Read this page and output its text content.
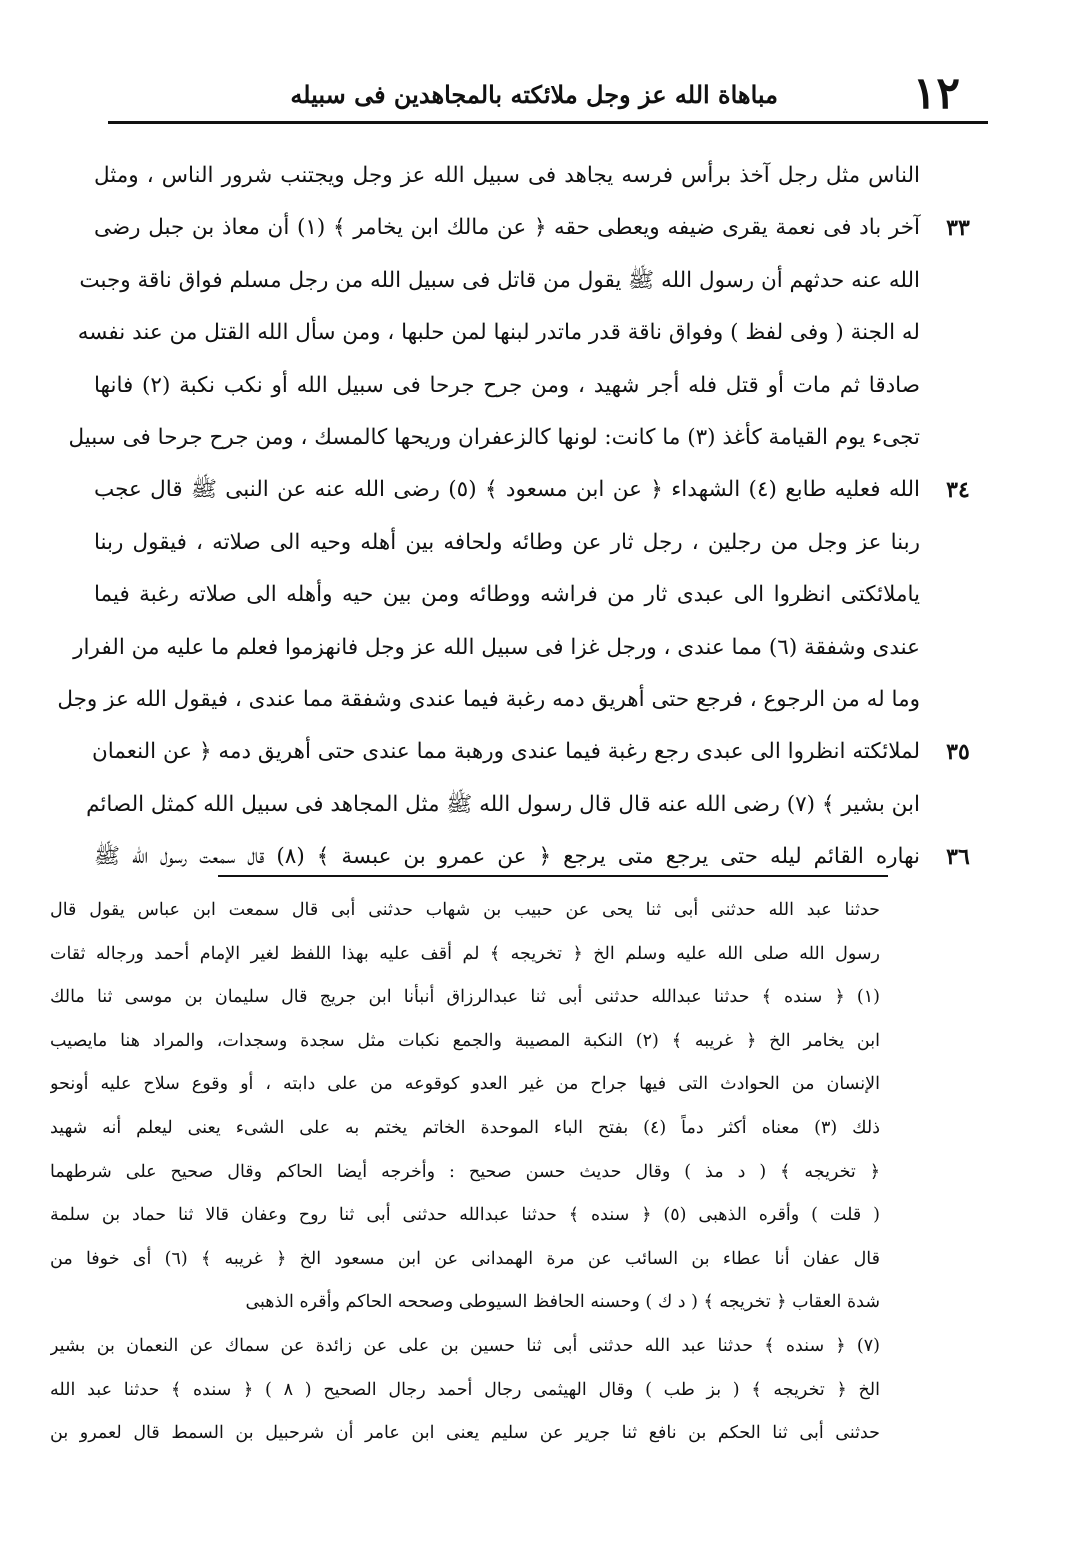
١٢
مباهاة الله عز وجل ملائكته بالمجاهدين فى سبيله
الناس مثل رجل آخذ برأس فرسه يجاهد فى سبيل الله عز وجل ويجتنب شرور الناس ، ومثل
٣٣
آخر باد فى نعمة يقرى ضيفه ويعطى حقه ﴿ عن مالك ابن يخامر ﴾ (١) أن معاذ بن جبل رضى
الله عنه حدثهم أن رسول الله ﷺ يقول من قاتل فى سبيل الله من رجل مسلم فواق ناقة وجبت
له الجنة ( وفى لفظ ) وفواق ناقة قدر ماتدر لبنها لمن حلبها ، ومن سأل الله القتل من عند نفسه
صادقا ثم مات أو قتل فله أجر شهيد ، ومن جرح جرحا فى سبيل الله أو نكب نكبة (٢) فانها
تجىء يوم القيامة كأغذ (٣) ما كانت: لونها كالزعفران وريحها كالمسك ، ومن جرح جرحا فى سبيل
٣٤
الله فعليه طابع (٤) الشهداء ﴿ عن ابن مسعود ﴾ (٥) رضى الله عنه عن النبى ﷺ قال عجب
ربنا عز وجل من رجلين ، رجل ثار عن وطائه ولحافه بين أهله وحيه الى صلاته ، فيقول ربنا
ياملائكتى انظروا الى عبدى ثار من فراشه ووطائه ومن بين حيه وأهله الى صلاته رغبة فيما
عندى وشفقة (٦) مما عندى ، ورجل غزا فى سبيل الله عز وجل فانهزموا فعلم ما عليه من الفرار
وما له من الرجوع ، فرجع حتى أهريق دمه رغبة فيما عندى وشفقة مما عندى ، فيقول الله عز وجل
٣٥
لملائكته انظروا الى عبدى رجع رغبة فيما عندى ورهبة مما عندى حتى أهريق دمه ﴿ عن النعمان
ابن بشير ﴾ (٧) رضى الله عنه قال قال رسول الله ﷺ مثل المجاهد فى سبيل الله كمثل الصائم
٣٦
نهاره القائم ليله حتى يرجع متى يرجع ﴿ عن عمرو بن عبسة ﴾ (٨) قال سمعت رسول الله ﷺ
حدثنا عبد الله حدثنى أبى ثنا يحى عن حبيب بن شهاب حدثنى أبى قال سمعت ابن عباس يقول قال
رسول الله صلى الله عليه وسلم الخ ﴿ تخريجه ﴾ لم أقف عليه بهذا اللفظ لغير الإمام أحمد ورجاله ثقات
(١) ﴿ سنده ﴾ حدثنا عبدالله حدثنى أبى ثنا عبدالرزاق أنبأنا ابن جريج قال سليمان بن موسى ثنا مالك
ابن يخامر الخ ﴿ غريبه ﴾ (٢) النكبة المصيبة والجمع نكبات مثل سجدة وسجدات، والمراد هنا مايصيب
الإنسان من الحوادث التى فيها جراح من غير العدو كوقوعه من على دابته ، أو وقوع سلاح عليه أونحو
ذلك (٣) معناه أكثر دماً (٤) بفتح الباء الموحدة الخاتم يختم به على الشىء يعنى ليعلم أنه شهيد
﴿ تخريجه ﴾ ( د مذ ) وقال حديث حسن صحيح : وأخرجه أيضا الحاكم وقال صحيح على شرطهما
( قلت ) وأقره الذهبى (٥) ﴿ سنده ﴾ حدثنا عبدالله حدثنى أبى ثنا روح وعفان قالا ثنا حماد بن سلمة
قال عفان أنا عطاء بن السائب عن مرة الهمدانى عن ابن مسعود الخ ﴿ غريبه ﴾ (٦) أى خوفا من
شدة العقاب ﴿ تخريجه ﴾ ( د ك ) وحسنه الحافظ السيوطى وصححه الحاكم وأقره الذهبى
(٧) ﴿ سنده ﴾ حدثنا عبد الله حدثنى أبى ثنا حسين بن على عن زائدة عن سماك عن النعمان بن بشير
الخ ﴿ تخريجه ﴾ ( بز طب ) وقال الهيثمى رجال أحمد رجال الصحيح ( ٨ ) ﴿ سنده ﴾ حدثنا عبد الله
حدثنى أبى ثنا الحكم بن نافع ثنا جرير عن سليم يعنى ابن عامر أن شرحبيل بن السمط قال لعمرو بن
